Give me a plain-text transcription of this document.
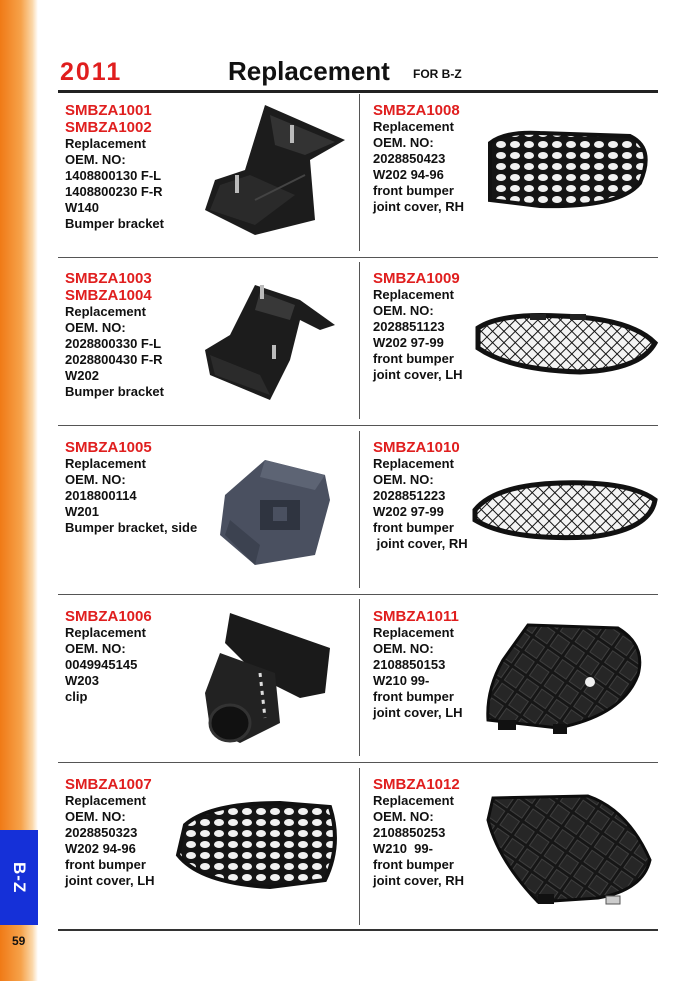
B-Z
59
2011	Replacement FOR B-Z
SMBZA1001
SMBZA1002
Replacement
OEM. NO:
1408800130 F-L
1408800230 F-R
W140
Bumper bracket
SMBZA1008
Replacement
OEM. NO:
2028850423
W202 94-96
front bumper
joint cover, RH
SMBZA1003
SMBZA1004
Replacement
OEM. NO:
2028800330 F-L
2028800430 F-R
W202
Bumper bracket
SMBZA1009
Replacement
OEM. NO:
2028851123
W202 97-99
front bumper
joint cover, LH
SMBZA1005
Replacement
OEM. NO:
2018800114
W201
Bumper bracket, side
SMBZA1010
Replacement
OEM. NO:
2028851223
W202 97-99
front bumper
joint cover, RH
SMBZA1006
Replacement
OEM. NO:
0049945145
W203
clip
SMBZA1011
Replacement
OEM. NO:
2108850153
W210 99-
front bumper
joint cover, LH
SMBZA1007
Replacement
OEM. NO:
2028850323
W202 94-96
front bumper
joint cover, LH
SMBZA1012
Replacement
OEM. NO:
2108850253
W210  99-
front bumper
joint cover, RH
